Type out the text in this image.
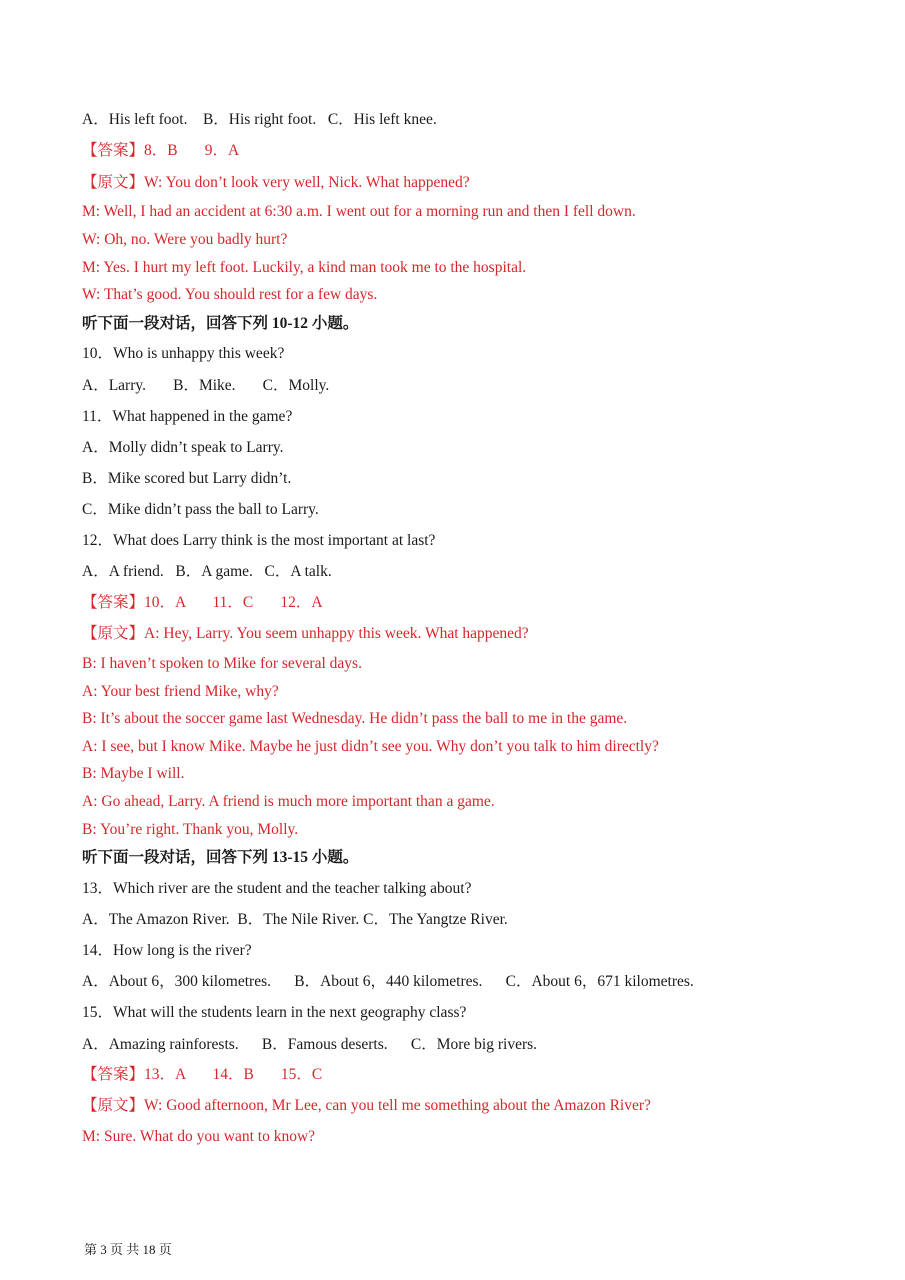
A．His left foot.    B．His right foot.   C．His left knee.
【答案】8．B       9．A
【原文】W: You don’t look very well, Nick. What happened?
M: Well, I had an accident at 6:30 a.m. I went out for a morning run and then I fell down.
W: Oh, no. Were you badly hurt?
M: Yes. I hurt my left foot. Luckily, a kind man took me to the hospital.
W: That’s good. You should rest for a few days.
听下面一段对话，回答下列 10-12 小题。
10．Who is unhappy this week?
A．Larry.       B．Mike.       C．Molly.
11．What happened in the game?
A．Molly didn’t speak to Larry.
B．Mike scored but Larry didn’t.
C．Mike didn’t pass the ball to Larry.
12．What does Larry think is the most important at last?
A．A friend.   B．A game.   C．A talk.
【答案】10．A       11．C       12．A
【原文】A: Hey, Larry. You seem unhappy this week. What happened?
B: I haven’t spoken to Mike for several days.
A: Your best friend Mike, why?
B: It’s about the soccer game last Wednesday. He didn’t pass the ball to me in the game.
A: I see, but I know Mike. Maybe he just didn’t see you. Why don’t you talk to him directly?
B: Maybe I will.
A: Go ahead, Larry. A friend is much more important than a game.
B: You’re right. Thank you, Molly.
听下面一段对话，回答下列 13-15 小题。
13．Which river are the student and the teacher talking about?
A．The Amazon River.  B．The Nile River. C．The Yangtze River.
14．How long is the river?
A．About 6，300 kilometres.      B．About 6，440 kilometres.      C．About 6，671 kilometres.
15．What will the students learn in the next geography class?
A．Amazing rainforests.      B．Famous deserts.      C．More big rivers.
【答案】13．A       14．B       15．C
【原文】W: Good afternoon, Mr Lee, can you tell me something about the Amazon River?
M: Sure. What do you want to know?
第 3 页 共 18 页
